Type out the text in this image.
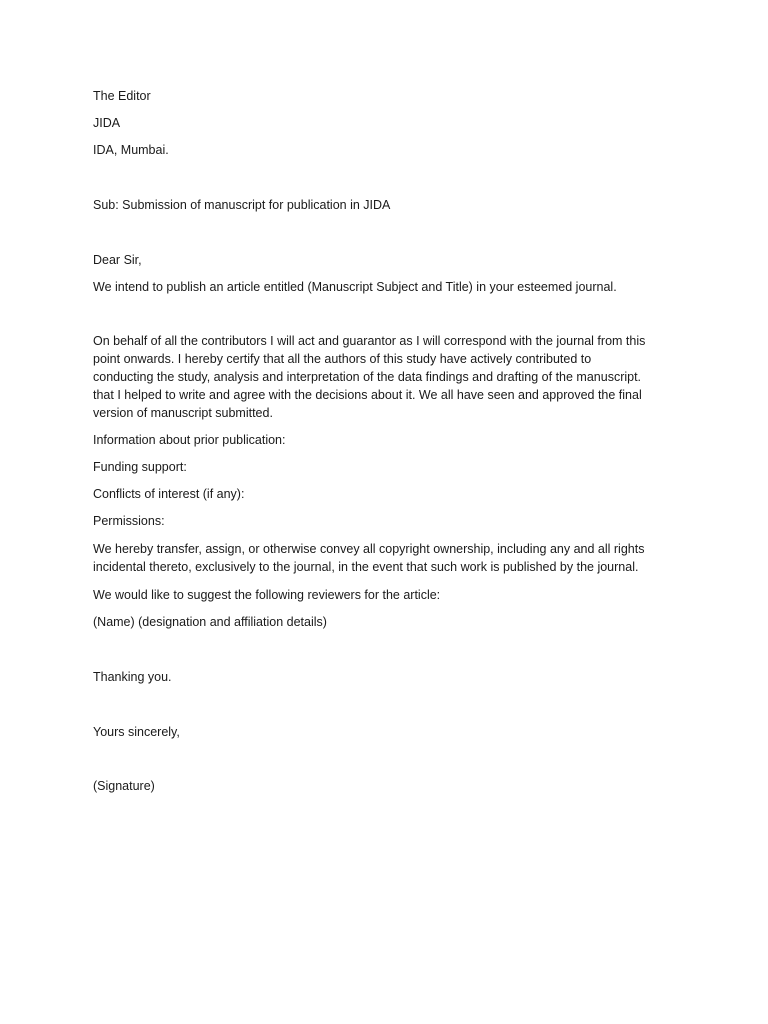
The Editor

JIDA

IDA, Mumbai.

Sub: Submission of manuscript for publication in JIDA

Dear Sir,

We intend to publish an article entitled (Manuscript Subject and Title) in your esteemed journal.

On behalf of all the contributors I will act and guarantor as I will correspond with the journal from this
point onwards. I hereby certify that all the authors of this study have actively contributed to
conducting the study, analysis and interpretation of the data findings and drafting of the manuscript.
that I helped to write and agree with the decisions about it. We all have seen and approved the final
version of manuscript submitted.

Information about prior publication:

Funding support:

Conflicts of interest (if any):

Permissions:

We hereby transfer, assign, or otherwise convey all copyright ownership, including any and all rights
incidental thereto, exclusively to the journal, in the event that such work is published by the journal.

We would like to suggest the following reviewers for the article:

(Name) (designation and affiliation details)

Thanking you.

Yours sincerely,

(Signature)
